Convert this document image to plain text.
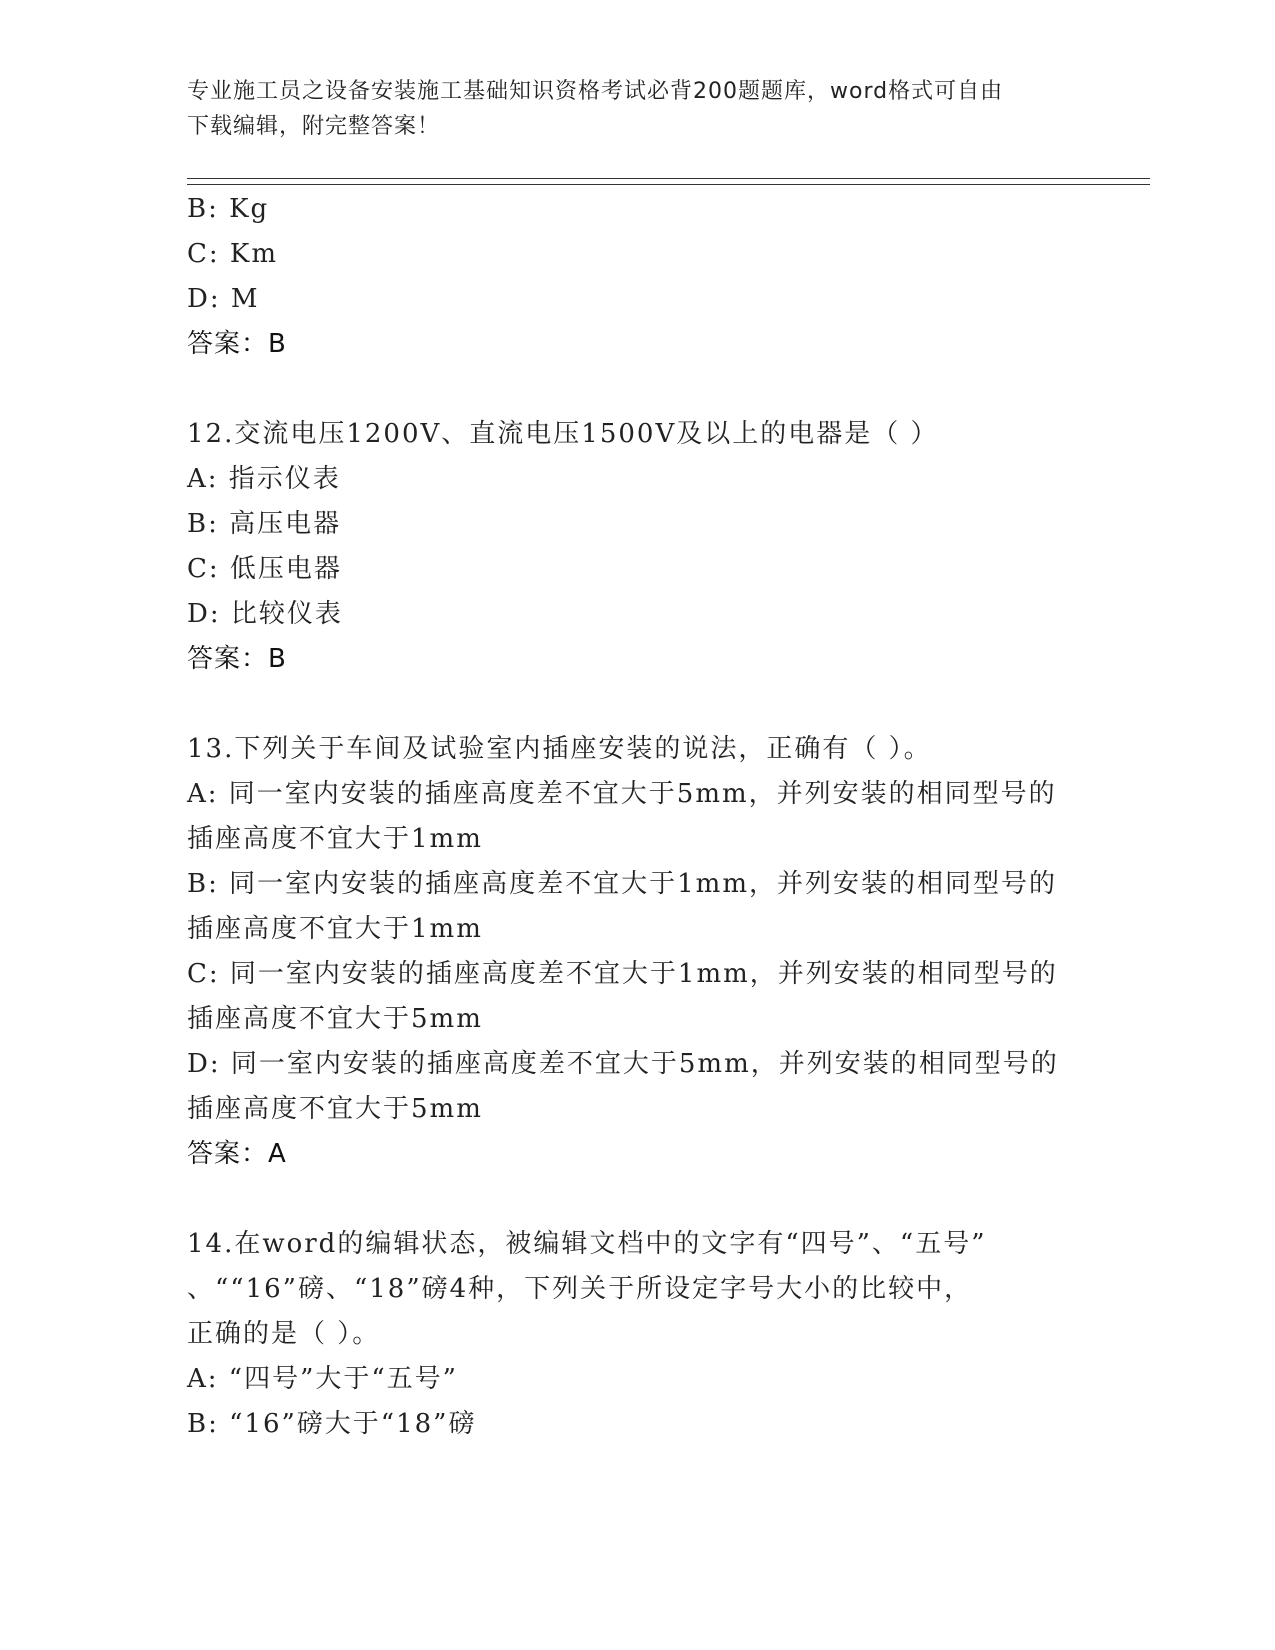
专业施工员之设备安装施工基础知识资格考试必背200题题库，word格式可自由
下载编辑，附完整答案！
B: Kg
C: Km
D: M
答案：B
12.交流电压1200V、直流电压1500V及以上的电器是（ ）
A: 指示仪表
B: 高压电器
C: 低压电器
D: 比较仪表
答案：B
13.下列关于车间及试验室内插座安装的说法，正确有（ ）。
A: 同一室内安装的插座高度差不宜大于5mm，并列安装的相同型号的
插座高度不宜大于1mm
B: 同一室内安装的插座高度差不宜大于1mm，并列安装的相同型号的
插座高度不宜大于1mm
C: 同一室内安装的插座高度差不宜大于1mm，并列安装的相同型号的
插座高度不宜大于5mm
D: 同一室内安装的插座高度差不宜大于5mm，并列安装的相同型号的
插座高度不宜大于5mm
答案：A
14.在word的编辑状态，被编辑文档中的文字有“四号”、“五号”
、““16”磅、“18”磅4种，下列关于所设定字号大小的比较中，
正确的是（ ）。
A: “四号”大于“五号”
B: “16”磅大于“18”磅
